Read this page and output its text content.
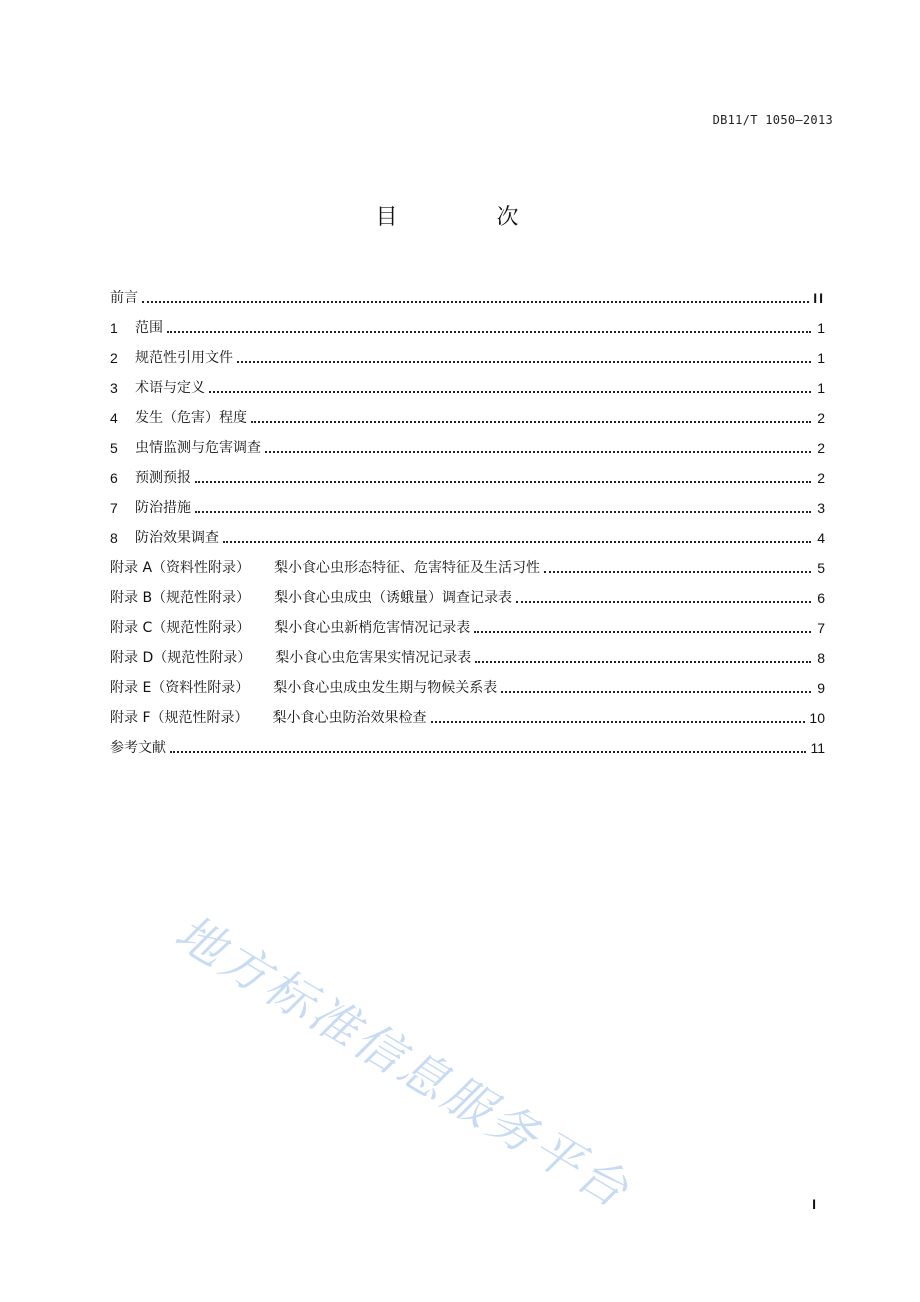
DB11/T 1050—2013
目 次
前言	II
1	范围	1
2	规范性引用文件	1
3	术语与定义	1
4	发生（危害）程度	2
5	虫情监测与危害调查	2
6	预测预报	2
7	防治措施	3
8	防治效果调查	4
附录 A（资料性附录） 梨小食心虫形态特征、危害特征及生活习性	5
附录 B（规范性附录） 梨小食心虫成虫（诱蛾量）调查记录表	6
附录 C（规范性附录） 梨小食心虫新梢危害情况记录表	7
附录 D（规范性附录） 梨小食心虫危害果实情况记录表	8
附录 E（资料性附录） 梨小食心虫成虫发生期与物候关系表	9
附录 F（规范性附录） 梨小食心虫防治效果检查	10
参考文献	11
地方标准信息服务平台	I
